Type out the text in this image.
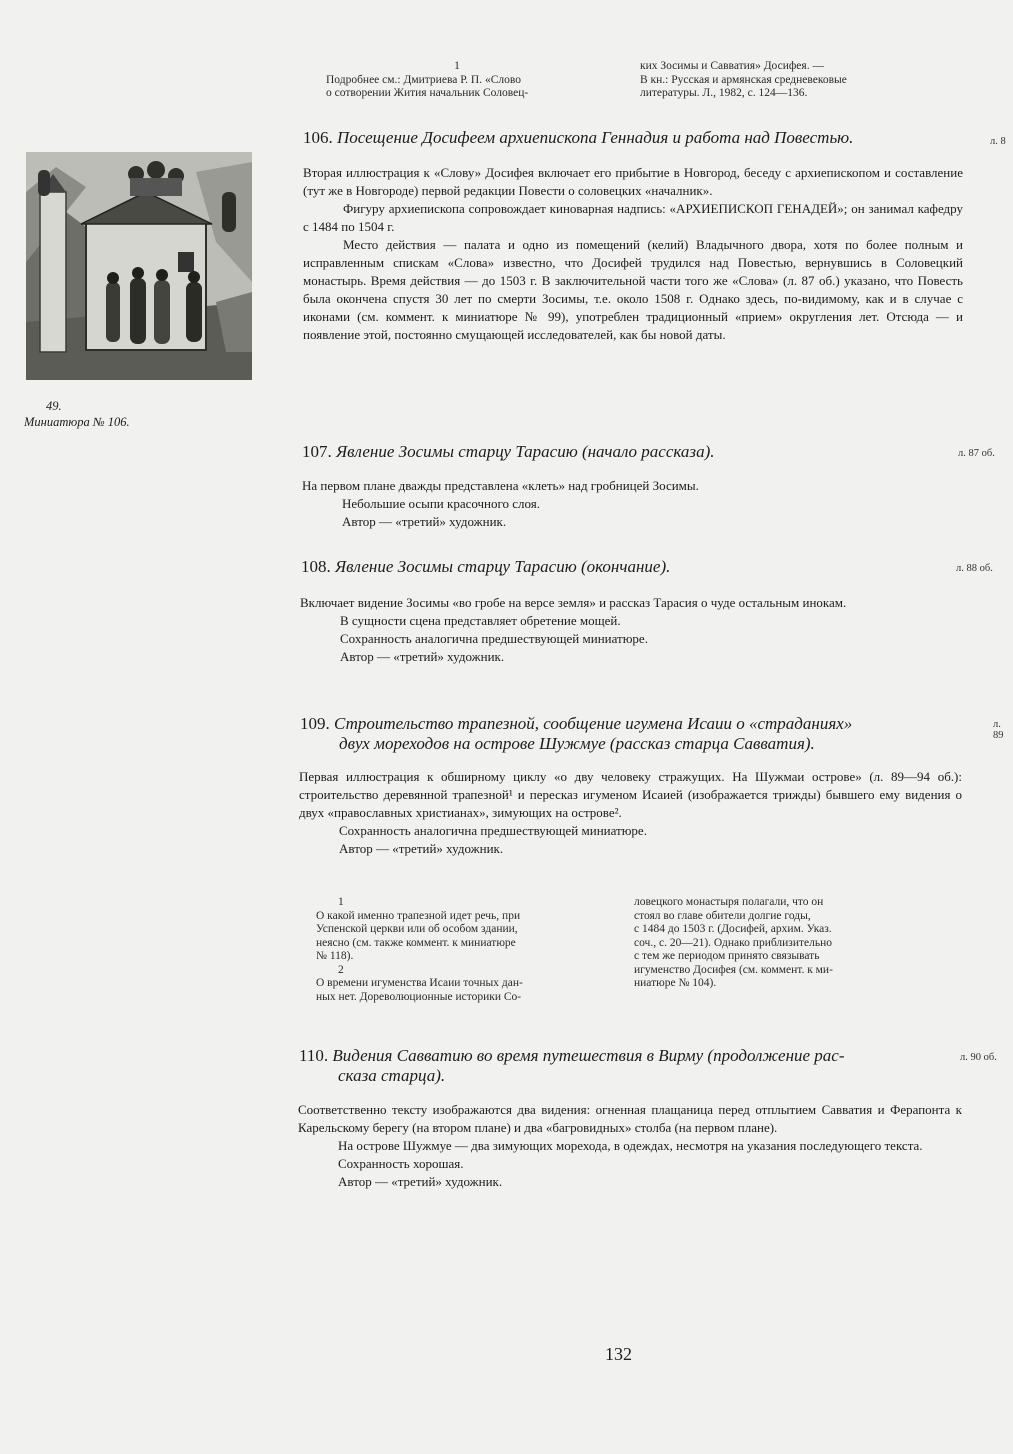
1

Подробнее см.: Дмитриева Р. П. «Слово

о сотворении Жития начальник Соловец-

ких Зосимы и Савватия» Досифея. —

В кн.: Русская и армянская средневековые

литературы. Л., 1982, с. 124—136.

49.
Миниатюра № 106.
106. Посещение Досифеем архиепископа Геннадия и работа над Повестью.	л. 8

Вторая иллюстрация к «Слову» Досифея включает его прибытие в Новгород, беседу с архиепископом и составление (тут же в Новгороде) первой редакции Повести о соловецких «началник».

Фигуру архиепископа сопровождает киноварная надпись: «АРХИЕПИСКОП ГЕНАДЕЙ»; он занимал кафедру с 1484 по 1504 г.

Место действия — палата и одно из помещений (келий) Владычного двора, хотя по более полным и исправленным спискам «Слова» известно, что Досифей трудился над Повестью, вернувшись в Соловецкий монастырь. Время действия — до 1503 г. В заключительной части того же «Слова» (л. 87 об.) указано, что Повесть была окончена спустя 30 лет по смерти Зосимы, т.е. около 1508 г. Однако здесь, по-видимому, как и в случае с иконами (см. коммент. к миниатюре № 99), употреблен традиционный «прием» округления лет. Отсюда — и появление этой, постоянно смущающей исследователей, как бы новой даты.

107. Явление Зосимы старцу Тарасию (начало рассказа).	л. 87 об.

На первом плане дважды представлена «клеть» над гробницей Зосимы.

Небольшие осыпи красочного слоя.

Автор — «третий» художник.

108. Явление Зосимы старцу Тарасию (окончание).	л. 88 об.

Включает видение Зосимы «во гробе на версе земля» и рассказ Тарасия о чуде остальным инокам.

В сущности сцена представляет обретение мощей.

Сохранность аналогична предшествующей миниатюре.

Автор — «третий» художник.

109. Строительство трапезной, сообщение игумена Исаии о «страданиях»
двух мореходов на острове Шужмуе (рассказ старца Савватия).
л. 89

Первая иллюстрация к обширному циклу «о дву человеку стражущих. На Шужмаи острове» (л. 89—94 об.): строительство деревянной трапезной¹ и пересказ игуменом Исаией (изображается трижды) бывшего ему видения о двух «православных христианах», зимующих на острове².

Сохранность аналогична предшествующей миниатюре.

Автор — «третий» художник.

1

О какой именно трапезной идет речь, при

Успенской церкви или об особом здании,

неясно (см. также коммент. к миниатюре

№ 118).

2

О времени игуменства Исаии точных дан-

ных нет. Дореволюционные историки Со-

ловецкого монастыря полагали, что он

стоял во главе обители долгие годы,

с 1484 до 1503 г. (Досифей, архим. Указ.

соч., с. 20—21). Однако приблизительно

с тем же периодом принято связывать

игуменство Досифея (см. коммент. к ми-

ниатюре № 104).

110. Видения Савватию во время путешествия в Вирму (продолжение рас-
сказа старца).
л. 90 об.

Соответственно тексту изображаются два видения: огненная плащаница перед отплытием Савватия и Ферапонта к Карельскому берегу (на втором плане) и два «багровидных» столба (на первом плане).

На острове Шужмуе — два зимующих морехода, в одеждах, несмотря на указания последующего текста.

Сохранность хорошая.

Автор — «третий» художник.

132
